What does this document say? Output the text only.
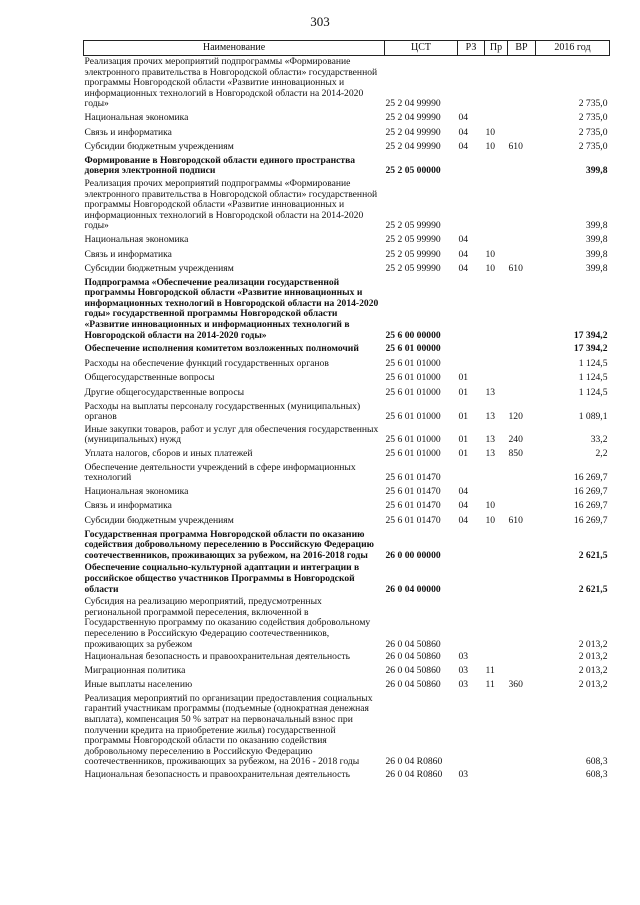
303
Наименование	ЦСТ	РЗ	Пр	ВР	2016 год
Реализация прочих мероприятий подпрограммы «Формирование электронного правительства в Новгородской области» государственной программы Новгородской области «Развитие инновационных и информационных технологий в Новгородской области на 2014-2020 годы»	25 2 04 99990				2 735,0
Национальная экономика	25 2 04 99990	04			2 735,0
Связь и информатика	25 2 04 99990	04	10		2 735,0
Субсидии бюджетным учреждениям	25 2 04 99990	04	10	610	2 735,0
Формирование в Новгородской области единого пространства доверия электронной подписи	25 2 05 00000				399,8
Реализация прочих мероприятий подпрограммы «Формирование электронного правительства в Новгородской области» государственной программы Новгородской области «Развитие инновационных и информационных технологий в Новгородской области на 2014-2020 годы»	25 2 05 99990				399,8
Национальная экономика	25 2 05 99990	04			399,8
Связь и информатика	25 2 05 99990	04	10		399,8
Субсидии бюджетным учреждениям	25 2 05 99990	04	10	610	399,8
Подпрограмма «Обеспечение реализации государственной программы Новгородской области «Развитие инновационных и информационных технологий в Новгородской области на 2014-2020 годы» государственной программы Новгородской области «Развитие инновационных и информационных технологий в Новгородской области на 2014-2020 годы»	25 6 00 00000				17 394,2
Обеспечение исполнения комитетом возложенных полномочий	25 6 01 00000				17 394,2
Расходы на обеспечение функций государственных органов	25 6 01 01000				1 124,5
Общегосударственные вопросы	25 6 01 01000	01			1 124,5
Другие общегосударственные вопросы	25 6 01 01000	01	13		1 124,5
Расходы на выплаты персоналу государственных (муниципальных) органов	25 6 01 01000	01	13	120	1 089,1
Иные закупки товаров, работ и услуг для обеспечения государственных (муниципальных) нужд	25 6 01 01000	01	13	240	33,2
Уплата налогов, сборов и иных платежей	25 6 01 01000	01	13	850	2,2
Обеспечение деятельности учреждений в сфере информационных технологий	25 6 01 01470				16 269,7
Национальная экономика	25 6 01 01470	04			16 269,7
Связь и информатика	25 6 01 01470	04	10		16 269,7
Субсидии бюджетным учреждениям	25 6 01 01470	04	10	610	16 269,7
Государственная программа Новгородской области по оказанию содействия добровольному переселению в Российскую Федерацию соотечественников, проживающих за рубежом, на 2016-2018 годы	26 0 00 00000				2 621,5
Обеспечение социально-культурной адаптации и интеграции в российское общество участников Программы в Новгородской области	26 0 04 00000				2 621,5
Субсидия на реализацию мероприятий, предусмотренных региональной программой переселения, включенной в Государственную программу по оказанию содействия добровольному переселению в Российскую Федерацию соотечественников, проживающих за рубежом	26 0 04 50860				2 013,2
Национальная безопасность и правоохранительная деятельность	26 0 04 50860	03			2 013,2
Миграционная политика	26 0 04 50860	03	11		2 013,2
Иные выплаты населению	26 0 04 50860	03	11	360	2 013,2
Реализация мероприятий по организации предоставления социальных гарантий участникам программы (подъемные (однократная денежная выплата), компенсация 50 % затрат на первоначальный взнос при получении кредита на приобретение жилья) государственной программы Новгородской области по оказанию содействия добровольному переселению в Российскую Федерацию соотечественников, проживающих за рубежом, на 2016 - 2018 годы	26 0 04 R0860				608,3
Национальная безопасность и правоохранительная деятельность	26 0 04 R0860	03			608,3
